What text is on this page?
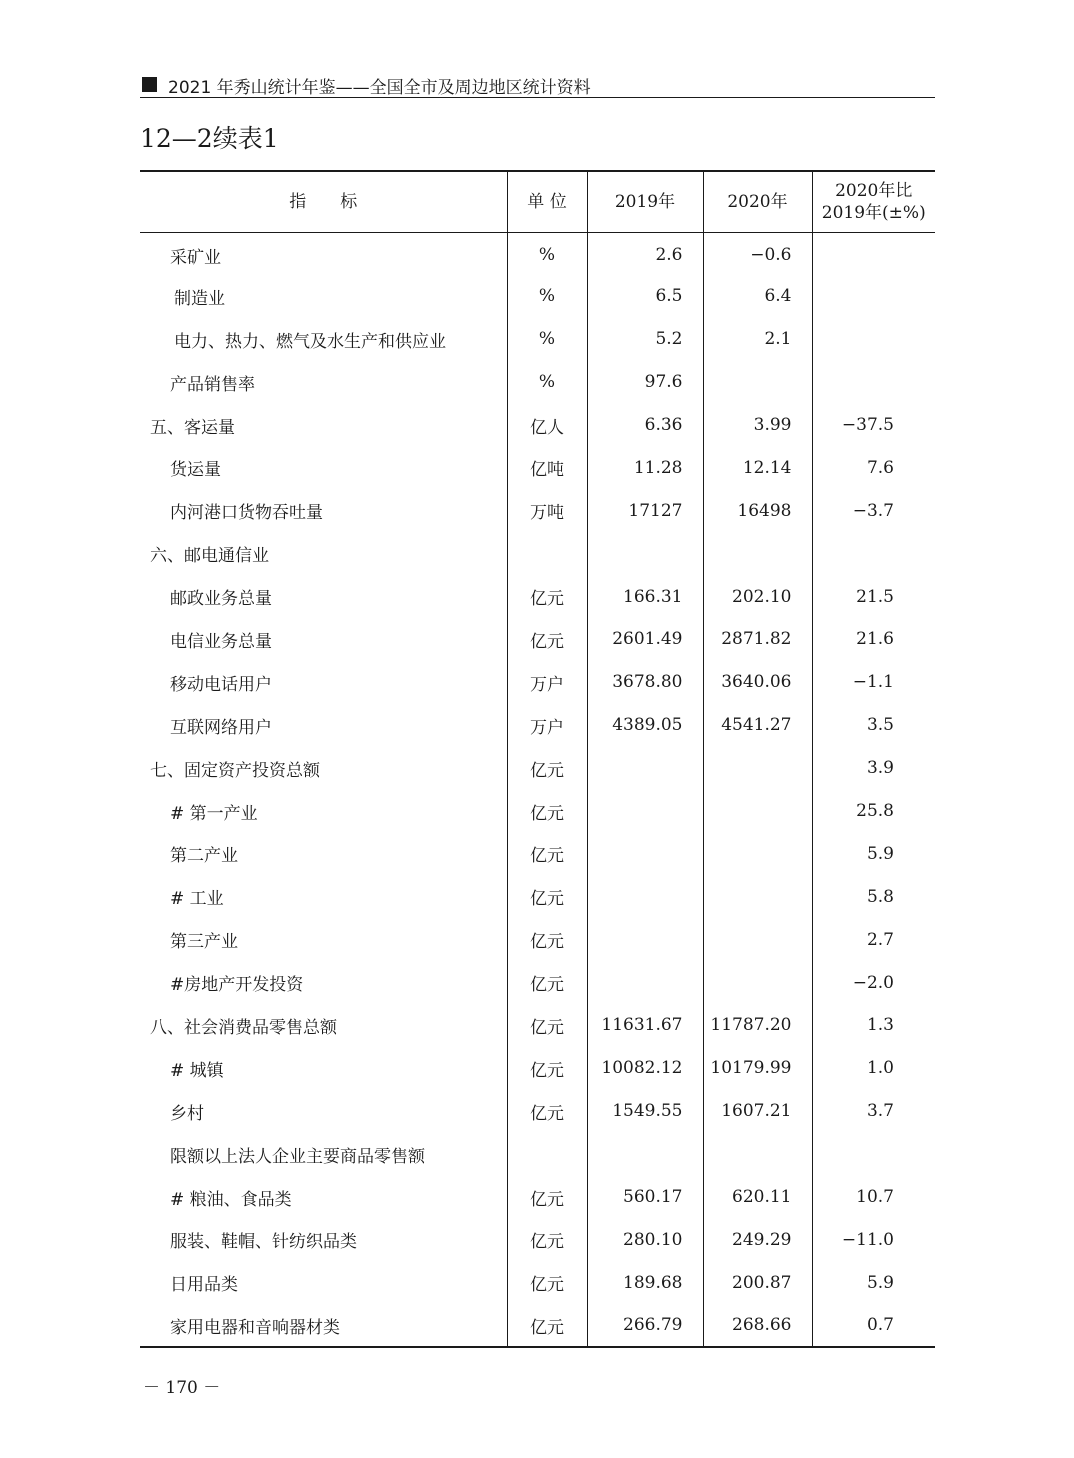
2021 年秀山统计年鉴——全国全市及周边地区统计资料
12—2续表1
指　　标	单 位	2019年	2020年	2020年比
2019年(±%)

采矿业	%	2.6	−0.6	
制造业	%	6.5	6.4	
电力、热力、燃气及水生产和供应业	%	5.2	2.1	
产品销售率	%	97.6		
五、客运量	亿人	6.36	3.99	−37.5
货运量	亿吨	11.28	12.14	7.6
内河港口货物吞吐量	万吨	17127	16498	−3.7
六、邮电通信业				
邮政业务总量	亿元	166.31	202.10	21.5
电信业务总量	亿元	2601.49	2871.82	21.6
移动电话用户	万户	3678.80	3640.06	−1.1
互联网络用户	万户	4389.05	4541.27	3.5
七、固定资产投资总额	亿元			3.9
# 第一产业	亿元			25.8
第二产业	亿元			5.9
# 工业	亿元			5.8
第三产业	亿元			2.7
#房地产开发投资	亿元			−2.0
八、社会消费品零售总额	亿元	11631.67	11787.20	1.3
# 城镇	亿元	10082.12	10179.99	1.0
乡村	亿元	1549.55	1607.21	3.7
限额以上法人企业主要商品零售额				
# 粮油、食品类	亿元	560.17	620.11	10.7
服装、鞋帽、针纺织品类	亿元	280.10	249.29	−11.0
日用品类	亿元	189.68	200.87	5.9
家用电器和音响器材类	亿元	266.79	268.66	0.7
－ 170 －
